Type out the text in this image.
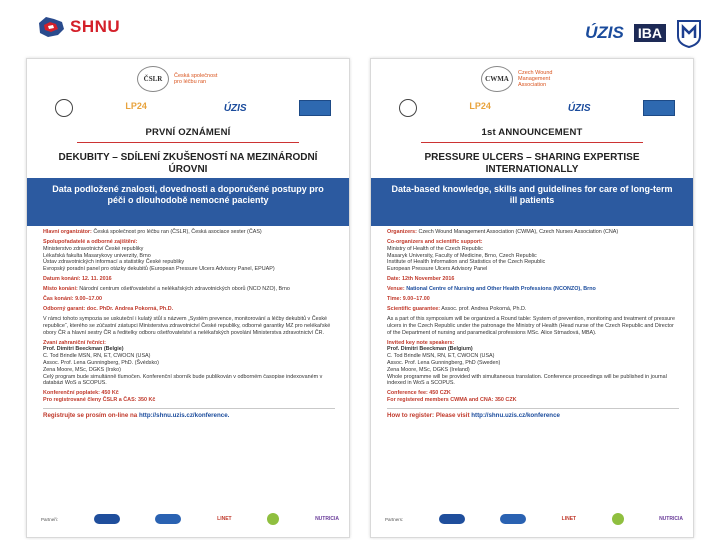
SHNU	ÚZIS IBA
ČSLR	Česká společnost
pro léčbu ran
LP24	ÚZIS
PRVNÍ OZNÁMENÍ
DEKUBITY – SDÍLENÍ ZKUŠENOSTÍ NA MEZINÁRODNÍ ÚROVNI
Data podložené znalosti, dovednosti a doporučené postupy pro péči o dlouhodobě nemocné pacienty

Hlavní organizátor: Česká společnost pro léčbu ran (ČSLR), Česká asociace sester (ČAS)

Spolupořadatelé a odborné zajištění:
Ministerstvo zdravotnictví České republiky
Lékařská fakulta Masarykovy univerzity, Brno
Ústav zdravotnických informací a statistiky České republiky
Evropský poradní panel pro otázky dekubitů (European Pressure Ulcers Advisory Panel, EPUAP)

Datum konání: 12. 11. 2016

Místo konání: Národní centrum ošetřovatelství a nelékařských zdravotnických oborů (NCO NZO), Brno

Čas konání: 9.00–17.00

Odborný garant: doc. PhDr. Andrea Pokorná, Ph.D.

V rámci tohoto sympozia se uskuteční i kulatý stůl s názvem „Systém prevence, monitorování a léčby dekubitů v České republice“, kterého se zúčastní zástupci Ministerstva zdravotnictví České republiky, odborné garantky MZ pro nelékařské obory ČR a hlavní sestry ČR a ředitelky odboru ošetřovatelství a nelékařských povolání Ministerstva zdravotnictví ČR.

Zvaní zahraniční řečníci:
Prof. Dimitri Beeckman (Belgie)
C. Tod Brindle MSN, RN, ET, CWOCN (USA)
Assoc. Prof. Lena Gunningberg, PhD. (Švédsko)
Zena Moore, MSc, DGKS (Irsko)
Celý program bude simultánně tlumočen. Konferenční sborník bude publikován v odborném časopise indexovaném v databázi WoS a SCOPUS.

Konferenční poplatek: 450 Kč
Pro registrované členy ČSLR a ČAS: 350 Kč

Registrujte se prosím on-line na http://shnu.uzis.cz/konference.
Partneři:	LINET	NUTRICIA
CWMA
Czech Wound
Management Association
LP24	ÚZIS
1st ANNOUNCEMENT
PRESSURE ULCERS – SHARING EXPERTISE INTERNATIONALLY
Data-based knowledge, skills and guidelines for care of long-term ill patients

Organizers: Czech Wound Management Association (CWMA), Czech Nurses Association (CNA)

Co-organizers and scientific support:
Ministry of Health of the Czech Republic
Masaryk University, Faculty of Medicine, Brno, Czech Republic
Institute of Health Information and Statistics of the Czech Republic
European Pressure Ulcers Advisory Panel

Date: 12th November 2016

Venue: National Centre of Nursing and Other Health Professions (NCONZO), Brno

Time: 9.00–17.00

Scientific guarantee: Assoc. prof. Andrea Pokorná, Ph.D.

As a part of this symposium will be organized a Round table: System of prevention, monitoring and treatment of pressure ulcers in the Czech Republic under the patronage the Ministry of Health (Head nurse of the Czech Republic and Director of the Department of nursing and paramedical professions MSc. Alice Strnadová, MBA).

Invited key note speakers:
Prof. Dimitri Beeckman (Belgium)
C. Tod Brindle MSN, RN, ET, CWOCN (USA)
Assoc. Prof. Lena Gunningberg, PhD (Sweden)
Zena Moore, MSc, DGKS (Ireland)
Whole programme will be provided with simultaneous translation. Conference proceedings will be published in journal indexed in WoS a SCOPUS.

Conference fee: 450 CZK
For registered members CWMA and CNA: 350 CZK

How to register: Please visit http://shnu.uzis.cz/konference
Partners:	LINET	NUTRICIA
